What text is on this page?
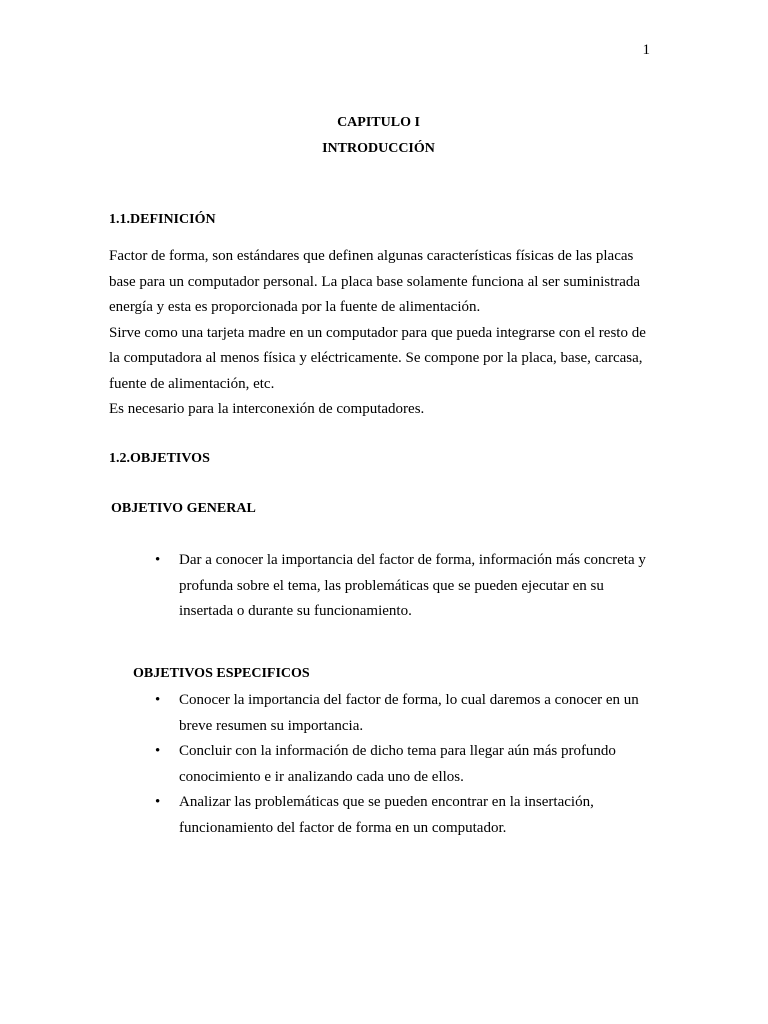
1
CAPITULO I
INTRODUCCIÓN
1.1.DEFINICIÓN

Factor de forma, son estándares que definen algunas características físicas de las placas base para un computador personal. La placa base solamente funciona al ser suministrada energía y esta es proporcionada por la fuente de alimentación.

Sirve como una tarjeta madre en un computador para que pueda integrarse con el resto de la computadora al menos física y eléctricamente. Se compone por la placa, base, carcasa, fuente de alimentación, etc.

Es necesario para la interconexión de computadores.

1.2.OBJETIVOS
OBJETIVO GENERAL
• Dar a conocer la importancia del factor de forma, información más concreta y profunda sobre el tema, las problemáticas que se pueden ejecutar en su insertada o durante su funcionamiento.
OBJETIVOS ESPECIFICOS
• Conocer la importancia del factor de forma, lo cual daremos a conocer en un breve resumen su importancia.
• Concluir con la información de dicho tema para llegar aún más profundo conocimiento e ir analizando cada uno de ellos.
• Analizar las problemáticas que se pueden encontrar en la insertación, funcionamiento del factor de forma en un computador.
